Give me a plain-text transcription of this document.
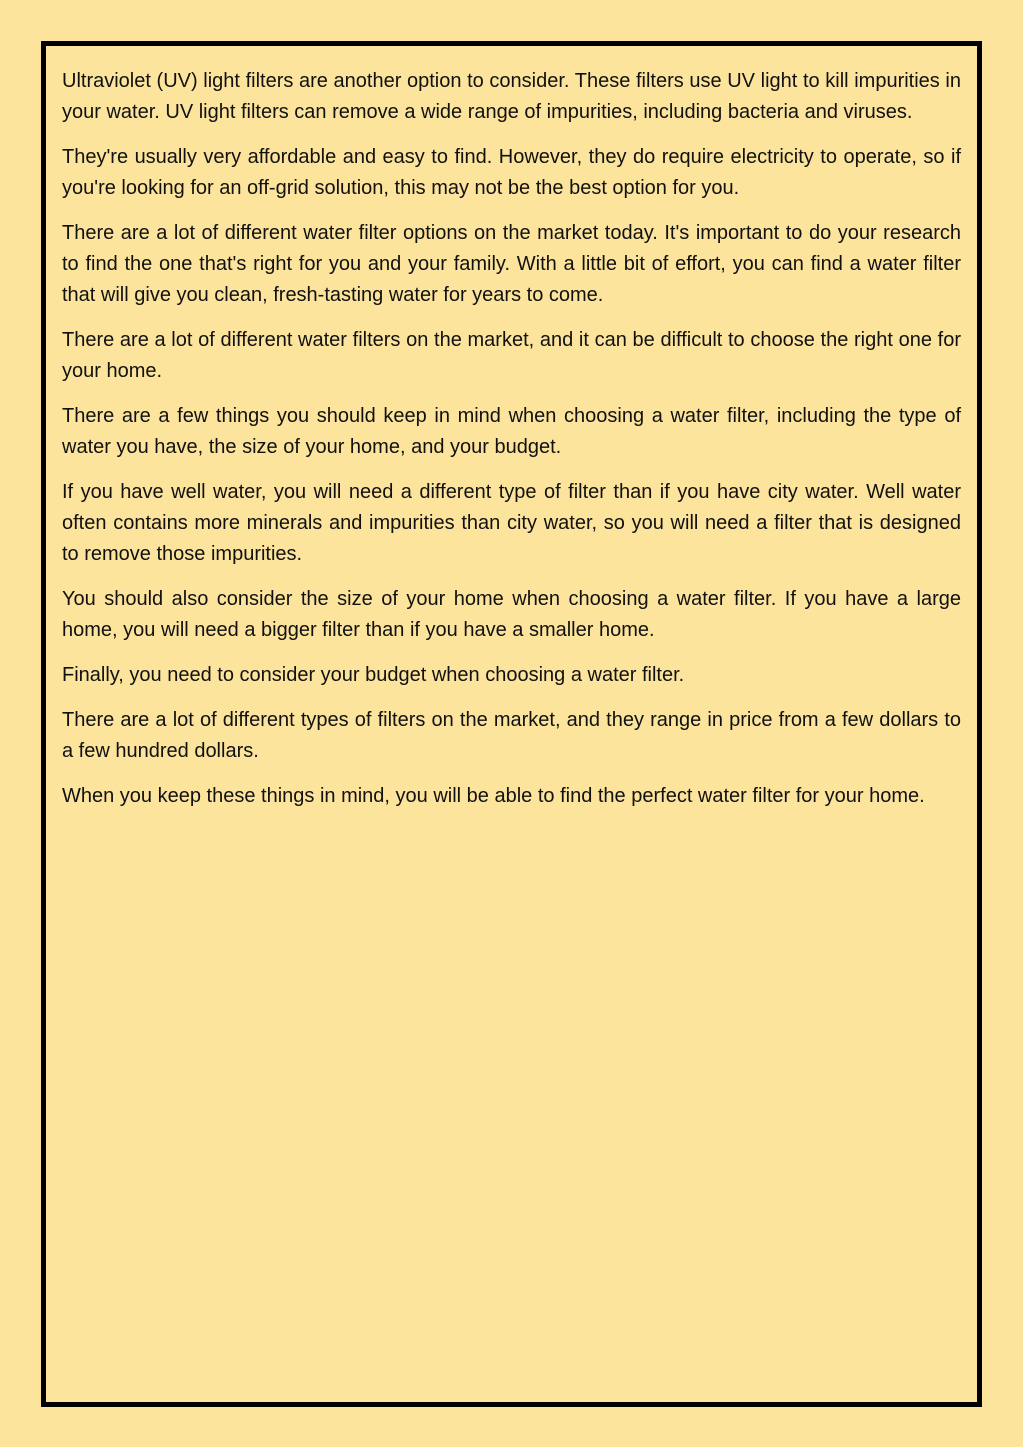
Ultraviolet (UV) light filters are another option to consider. These filters use UV light to kill impurities in your water. UV light filters can remove a wide range of impurities, including bacteria and viruses.

They're usually very affordable and easy to find. However, they do require electricity to operate, so if you're looking for an off-grid solution, this may not be the best option for you.

There are a lot of different water filter options on the market today. It's important to do your research to find the one that's right for you and your family. With a little bit of effort, you can find a water filter that will give you clean, fresh-tasting water for years to come.

There are a lot of different water filters on the market, and it can be difficult to choose the right one for your home.

There are a few things you should keep in mind when choosing a water filter, including the type of water you have, the size of your home, and your budget.

If you have well water, you will need a different type of filter than if you have city water. Well water often contains more minerals and impurities than city water, so you will need a filter that is designed to remove those impurities.

You should also consider the size of your home when choosing a water filter. If you have a large home, you will need a bigger filter than if you have a smaller home.

Finally, you need to consider your budget when choosing a water filter.

There are a lot of different types of filters on the market, and they range in price from a few dollars to a few hundred dollars.

When you keep these things in mind, you will be able to find the perfect water filter for your home.
